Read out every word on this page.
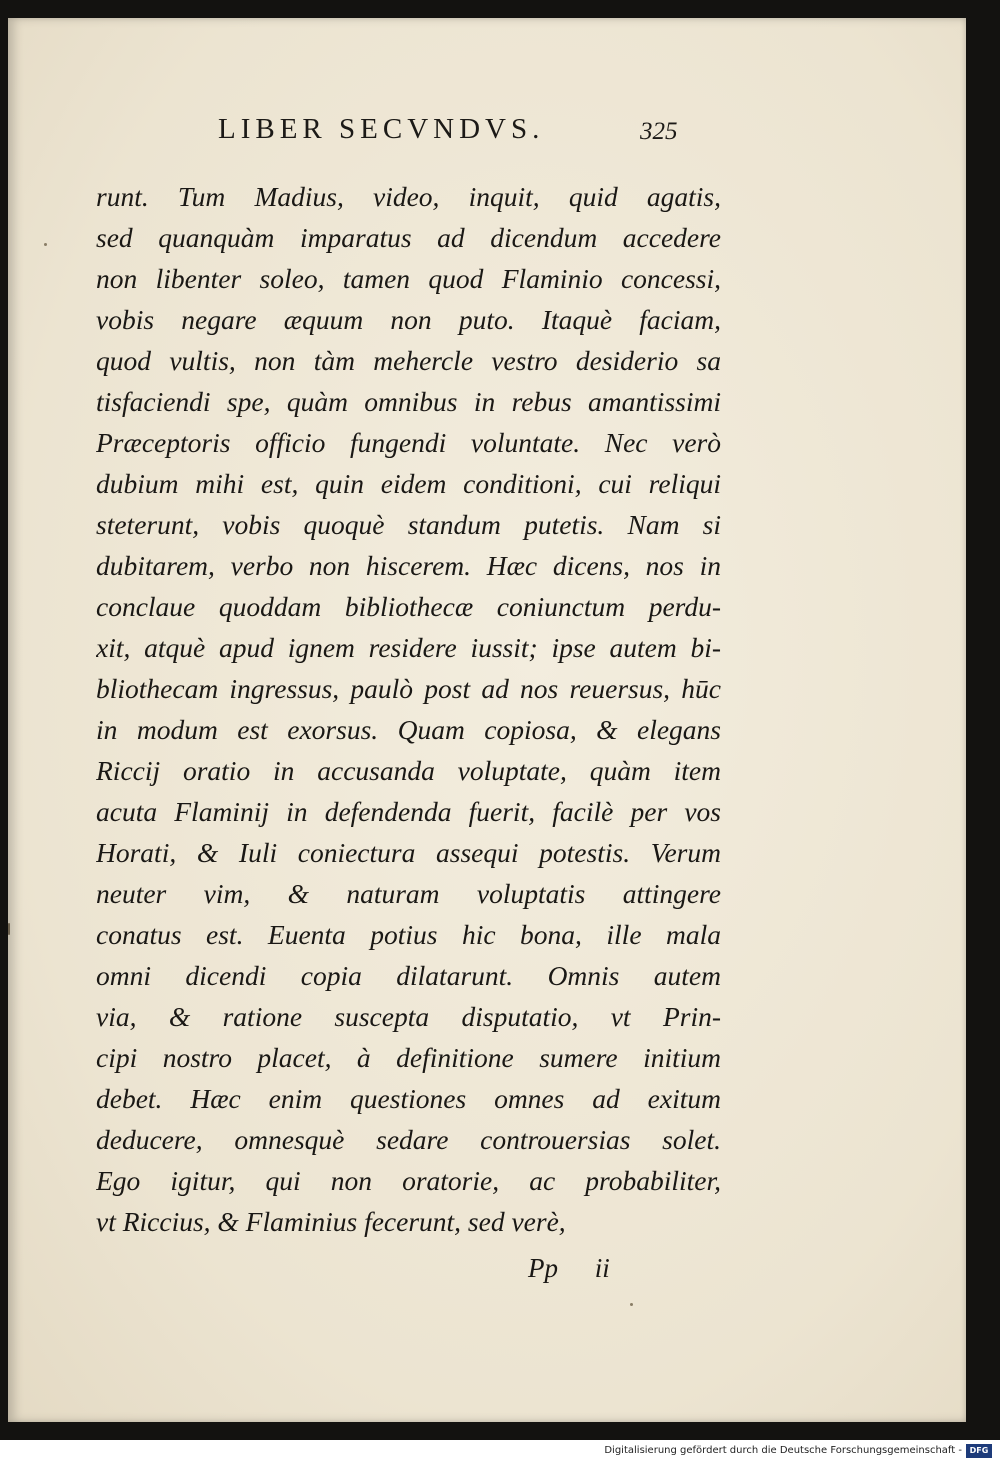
LIBER SECVNDVS.	325
runt. Tum Madius, video, inquit, quid agatis,
sed quanquàm imparatus ad dicendum accedere
non libenter soleo, tamen quod Flaminio concessi,
vobis negare æquum non puto. Itaquè faciam,
quod vultis, non tàm mehercle vestro desiderio sa
tisfaciendi spe, quàm omnibus in rebus amantissimi
Præceptoris officio fungendi voluntate. Nec verò
dubium mihi est, quin eidem conditioni, cui reliqui
steterunt, vobis quoquè standum putetis. Nam si
dubitarem, verbo non hiscerem. Hæc dicens, nos in
conclaue quoddam bibliothecæ coniunctum perdu-
xit, atquè apud ignem residere iussit; ipse autem bi-
bliothecam ingressus, paulò post ad nos reuersus, hūc
in modum est exorsus. Quam copiosa, & elegans
Riccij oratio in accusanda voluptate, quàm item
acuta Flaminij in defendenda fuerit, facilè per vos
Horati, & Iuli coniectura assequi potestis. Verum
neuter vim, & naturam voluptatis attingere
conatus est. Euenta potius hic bona, ille mala
omni dicendi copia dilatarunt. Omnis autem
via, & ratione suscepta disputatio, vt Prin-
cipi nostro placet, à definitione sumere initium
debet. Hæc enim questiones omnes ad exitum
deducere, omnesquè sedare controuersias solet.
Ego igitur, qui non oratorie, ac probabiliter,
vt Riccius, & Flaminius fecerunt, sed verè,
Pp ii
Digitalisierung gefördert durch die Deutsche Forschungsgemeinschaft - DFG
